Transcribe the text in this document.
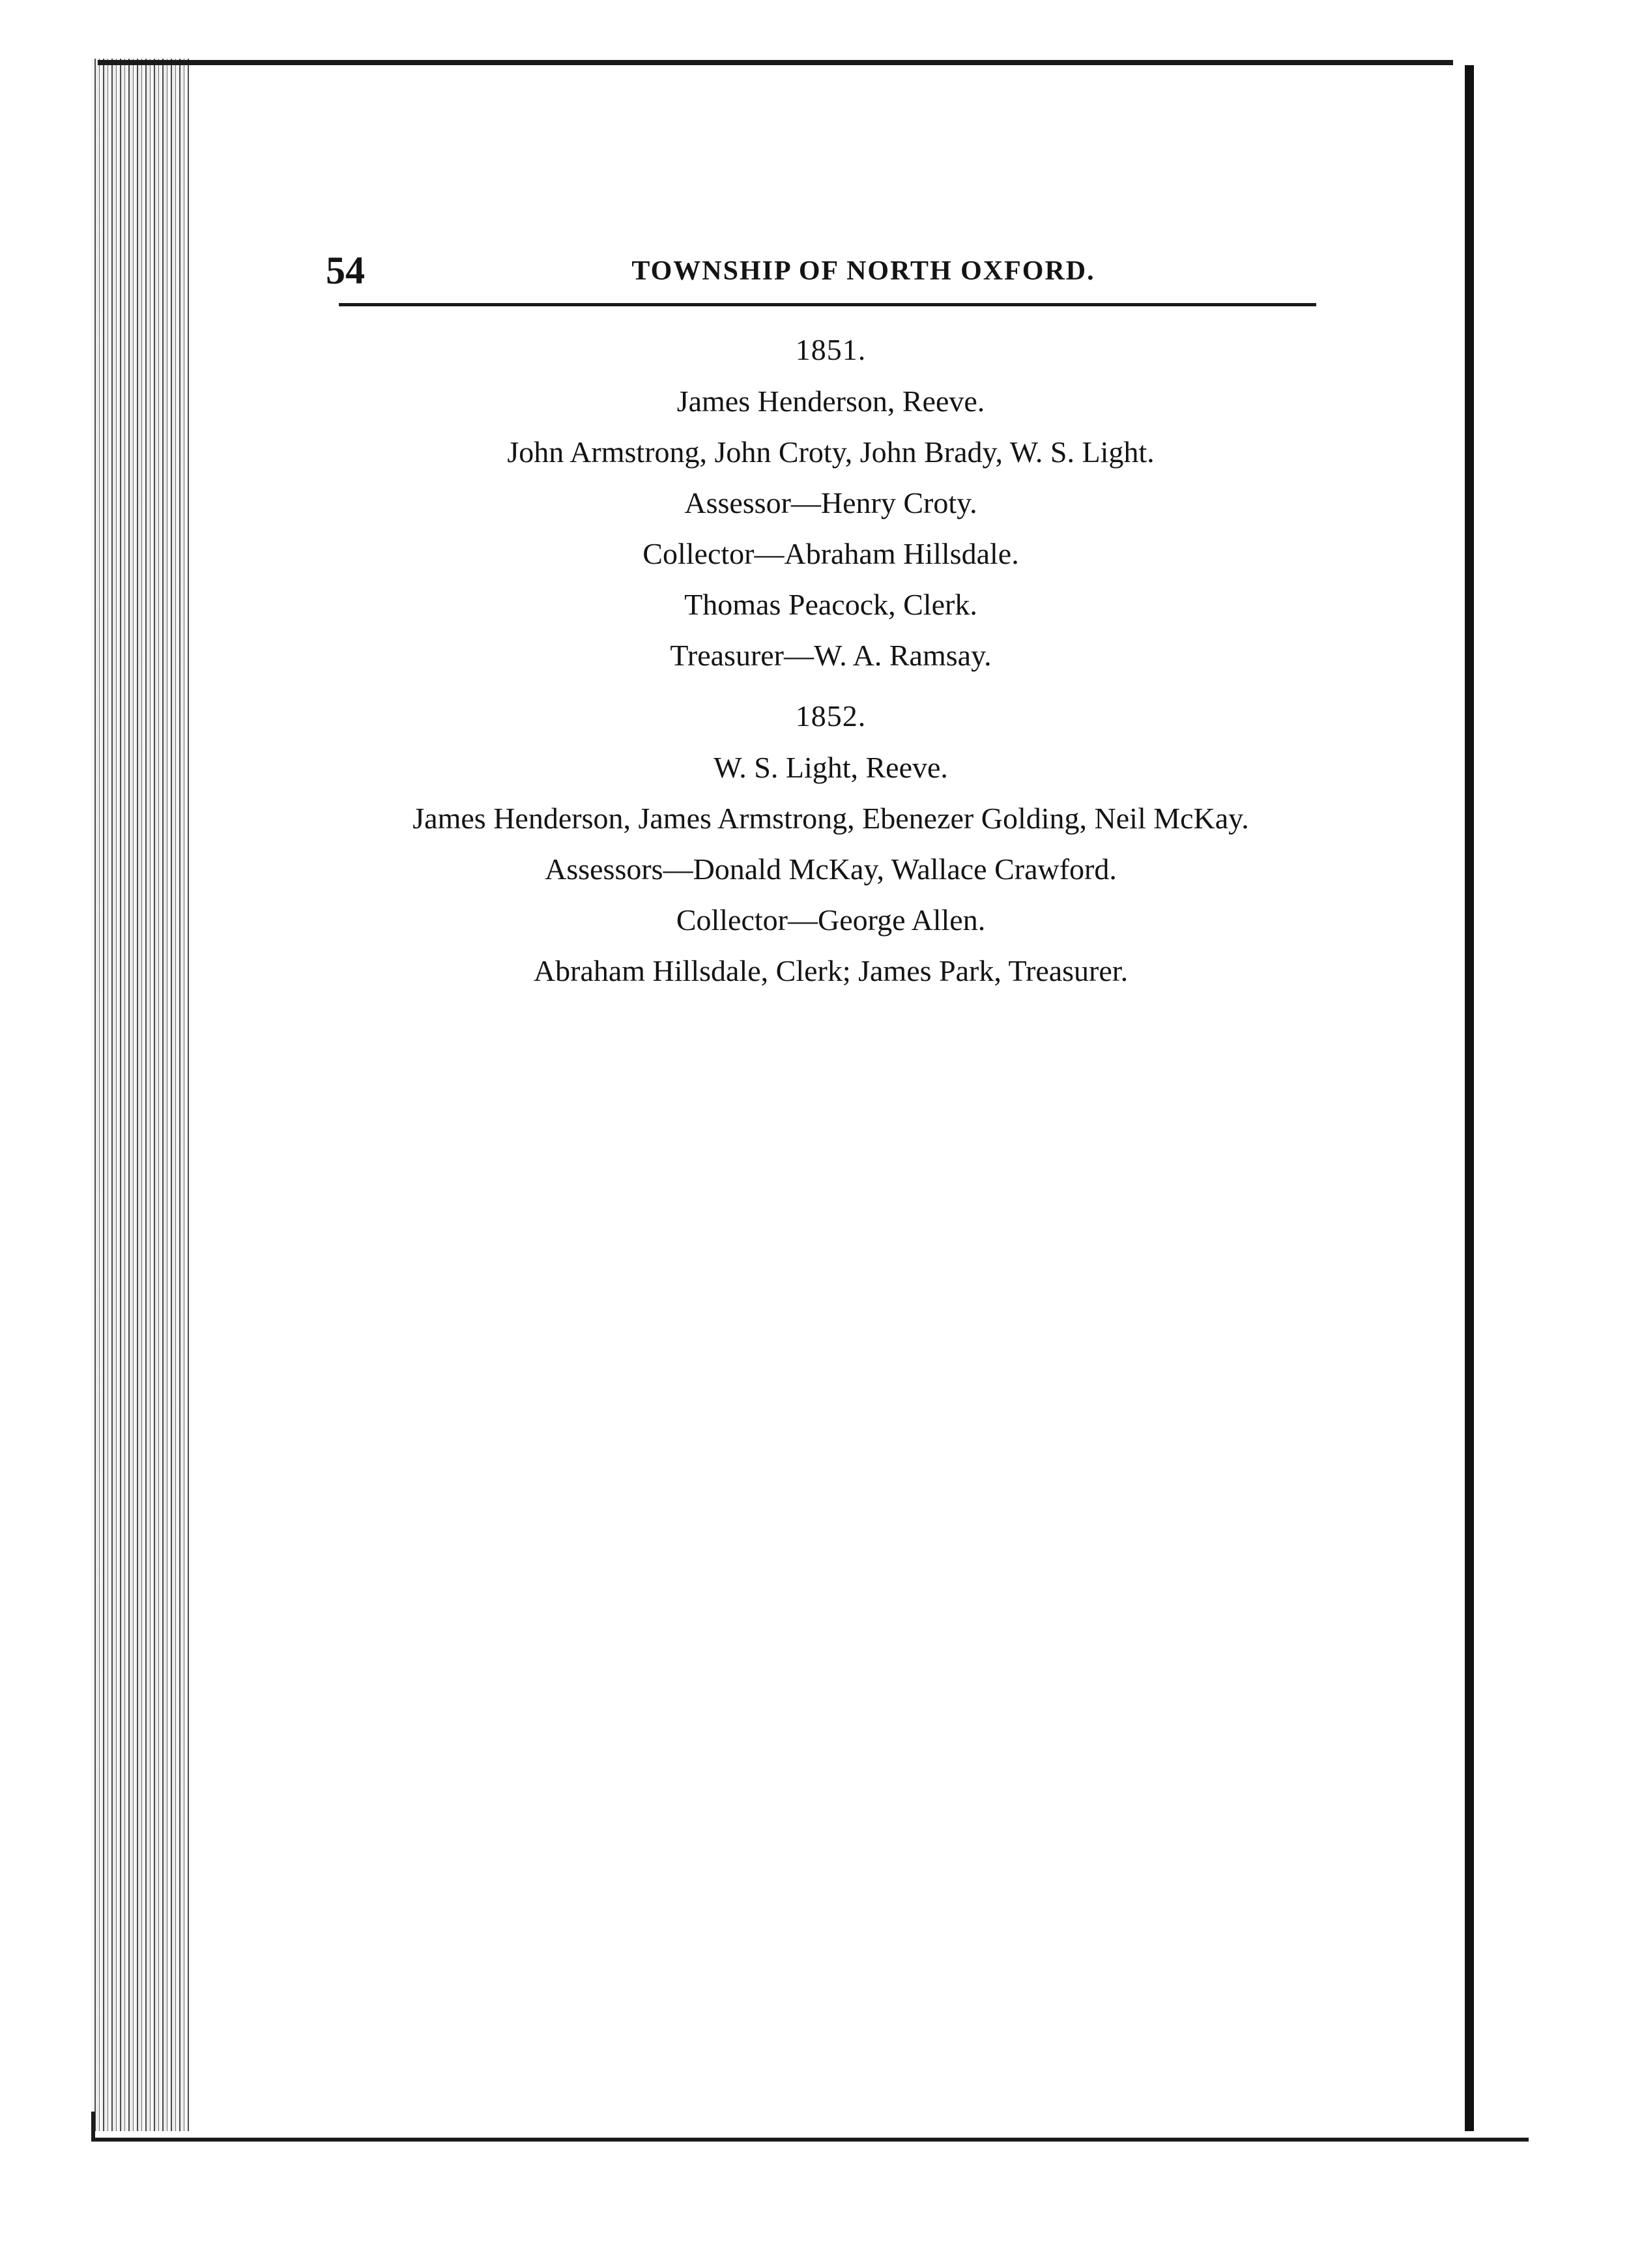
54	TOWNSHIP OF NORTH OXFORD.
1851.
James Henderson, Reeve.
John Armstrong, John Croty, John Brady, W. S. Light.
Assessor—Henry Croty.
Collector—Abraham Hillsdale.
Thomas Peacock, Clerk.
Treasurer—W. A. Ramsay.
1852.
W. S. Light, Reeve.
James Henderson, James Armstrong, Ebenezer Golding, Neil McKay.
Assessors—Donald McKay, Wallace Crawford.
Collector—George Allen.
Abraham Hillsdale, Clerk; James Park, Treasurer.
